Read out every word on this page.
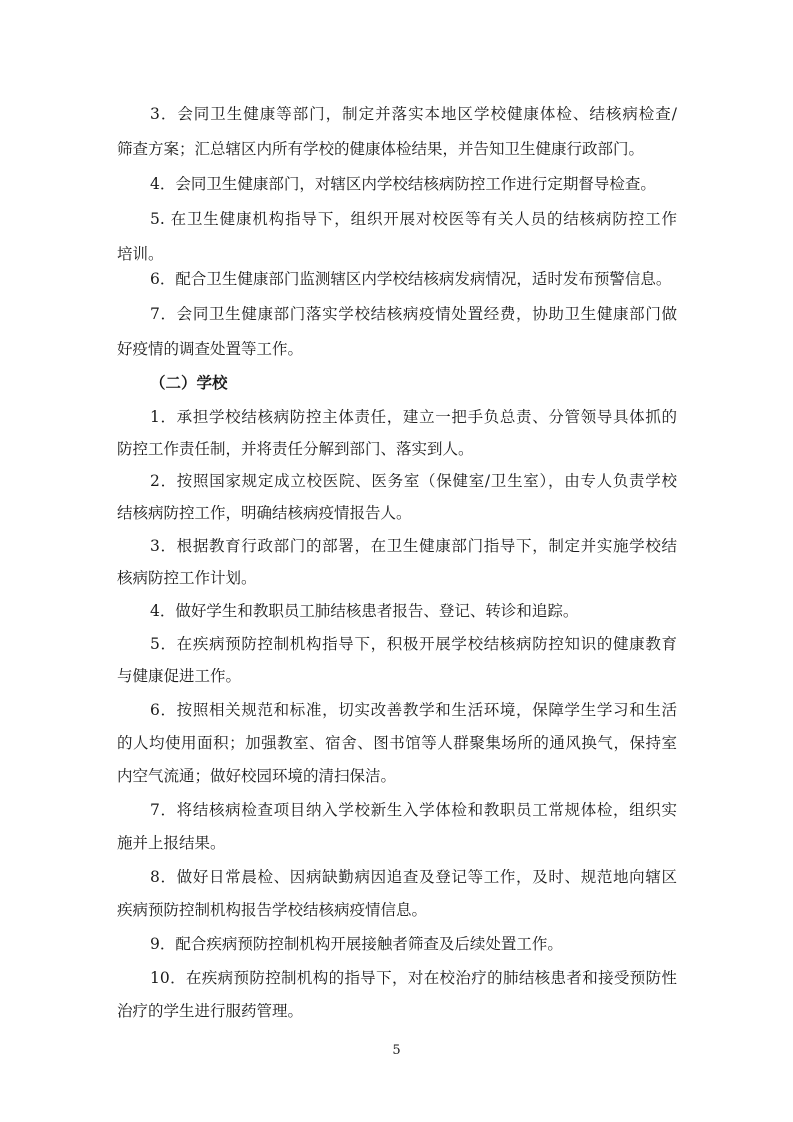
3．会同卫生健康等部门，制定并落实本地区学校健康体检、结核病检查/
筛查方案；汇总辖区内所有学校的健康体检结果，并告知卫生健康行政部门。
4．会同卫生健康部门，对辖区内学校结核病防控工作进行定期督导检查。
5. 在卫生健康机构指导下，组织开展对校医等有关人员的结核病防控工作
培训。
6．配合卫生健康部门监测辖区内学校结核病发病情况，适时发布预警信息。
7．会同卫生健康部门落实学校结核病疫情处置经费，协助卫生健康部门做
好疫情的调查处置等工作。
（二）学校
1．承担学校结核病防控主体责任，建立一把手负总责、分管领导具体抓的
防控工作责任制，并将责任分解到部门、落实到人。
2．按照国家规定成立校医院、医务室（保健室/卫生室），由专人负责学校
结核病防控工作，明确结核病疫情报告人。
3．根据教育行政部门的部署，在卫生健康部门指导下，制定并实施学校结
核病防控工作计划。
4．做好学生和教职员工肺结核患者报告、登记、转诊和追踪。
5．在疾病预防控制机构指导下，积极开展学校结核病防控知识的健康教育
与健康促进工作。
6．按照相关规范和标准，切实改善教学和生活环境，保障学生学习和生活
的人均使用面积；加强教室、宿舍、图书馆等人群聚集场所的通风换气，保持室
内空气流通；做好校园环境的清扫保洁。
7．将结核病检查项目纳入学校新生入学体检和教职员工常规体检，组织实
施并上报结果。
8．做好日常晨检、因病缺勤病因追查及登记等工作，及时、规范地向辖区
疾病预防控制机构报告学校结核病疫情信息。
9．配合疾病预防控制机构开展接触者筛查及后续处置工作。
10．在疾病预防控制机构的指导下，对在校治疗的肺结核患者和接受预防性
治疗的学生进行服药管理。
5
